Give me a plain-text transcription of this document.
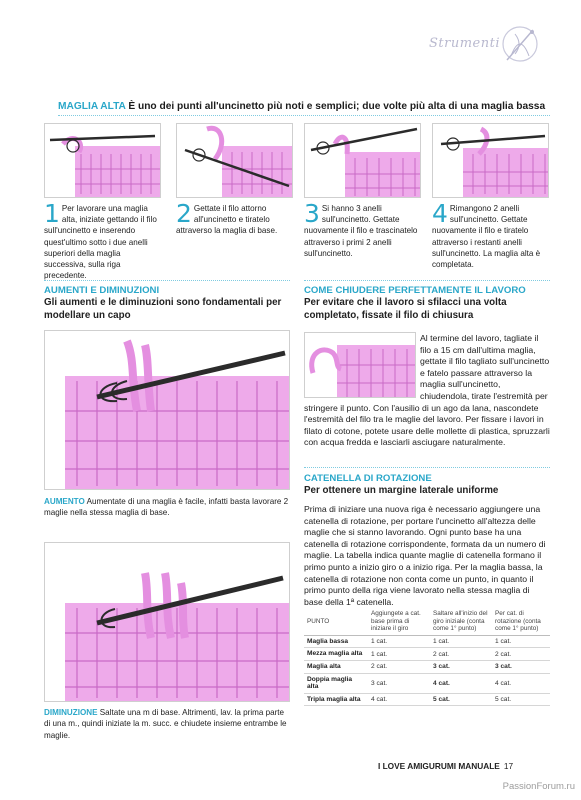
Strumenti
MAGLIA ALTA È uno dei punti all'uncinetto più noti e semplici; due volte più alta di una maglia bassa
1 Per lavorare una maglia alta, iniziate gettando il filo sull'uncinetto e inserendo quest'ultimo sotto i due anelli superiori della maglia successiva, sulla riga precedente.
2 Gettate il filo attorno all'uncinetto e tiratelo attraverso la maglia di base.
3 Si hanno 3 anelli sull'uncinetto. Gettate nuovamente il filo e trascinatelo attraverso i primi 2 anelli sull'uncinetto.
4 Rimangono 2 anelli sull'uncinetto. Gettate nuovamente il filo e tiratelo attraverso i restanti anelli sull'uncinetto. La maglia alta è completata.
AUMENTI E DIMINUZIONI
Gli aumenti e le diminuzioni sono fondamentali per modellare un capo
AUMENTO Aumentate di una maglia è facile, infatti basta lavorare 2 maglie nella stessa maglia di base.
DIMINUZIONE Saltate una m di base. Altrimenti, lav. la prima parte di una m., quindi iniziate la m. succ. e chiudete insieme entrambe le maglie.
COME CHIUDERE PERFETTAMENTE IL LAVORO
Per evitare che il lavoro si sfilacci una volta completato, fissate il filo di chiusura
Al termine del lavoro, tagliate il filo a 15 cm dall'ultima maglia, gettate il filo tagliato sull'uncinetto e fatelo passare attraverso la maglia sull'uncinetto, chiudendola, tirate l'estremità per stringere il punto. Con l'ausilio di un ago da lana, nascondete l'estremità del filo tra le maglie del lavoro. Per fissare i lavori in filato di cotone, potete usare delle mollette di plastica, spruzzarli con acqua fredda e lasciarli asciugare naturalmente.
CATENELLA DI ROTAZIONE
Per ottenere un margine laterale uniforme
Prima di iniziare una nuova riga è necessario aggiungere una catenella di rotazione, per portare l'uncinetto all'altezza delle maglie che si stanno lavorando. Ogni punto base ha una catenella di rotazione corrispondente, formata da un numero di maglie. La tabella indica quante maglie di catenella formano il primo punto a inizio giro o a inizio riga. Per la maglia bassa, la catenella di rotazione non conta come un punto, in quanto il primo punto della riga viene lavorato nella stessa maglia di base della 1ª catenella.
PUNTO	Aggiungete a cat. base prima di iniziare il giro	Saltare all'inizio del giro iniziale (conta come 1° punto)	Per cat. di rotazione (conta come 1° punto)
Maglia bassa	1 cat.	1 cat.	1 cat.
Mezza maglia alta	1 cat.	2 cat.	2 cat.
Maglia alta	2 cat.	3 cat.	3 cat.
Doppia maglia alta	3 cat.	4 cat.	4 cat.
Tripla maglia alta	4 cat.	5 cat.	5 cat.
I LOVE AMIGURUMI MANUALE 17
PassionForum.ru
